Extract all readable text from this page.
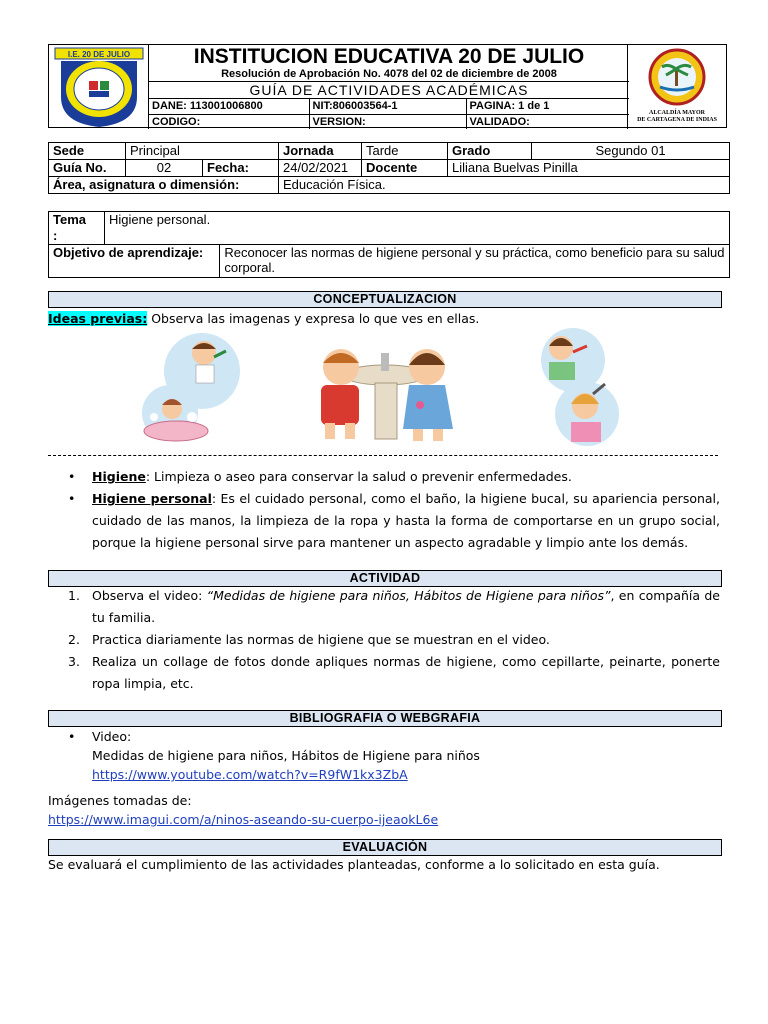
I.E. 20 DE JULIO	INSTITUCION EDUCATIVA 20 DE JULIO
Resolución de Aprobación No. 4078 del 02 de diciembre de 2008
GUÍA DE ACTIVIDADES ACADÉMICAS
DANE: 113001006800	NIT:806003564-1	PAGINA: 1 de 1
CODIGO:	VERSION:	VALIDADO:
ALCALDÍA MAYOR
DE CARTAGENA DE INDIAS
Sede	Principal		Jornada	Tarde	Grado	Segundo 01
Guía No.	02	Fecha:	24/02/2021	Docente	Liliana Buelvas Pinilla	
Área, asignatura o dimensión:			Educación Física.			
Tema
:	Higiene personal.	
Objetivo de aprendizaje:		Reconocer las normas de higiene personal y su práctica, como beneficio para su salud corporal.
CONCEPTUALIZACION
Ideas previas: Observa las imagenas y expresa lo que ves en ellas.
• Higiene: Limpieza o aseo para conservar la salud o prevenir enfermedades.
• Higiene personal: Es el cuidado personal, como el baño, la higiene bucal, su apariencia personal, cuidado de las manos, la limpieza de la ropa y hasta la forma de comportarse en un grupo social, porque la higiene personal sirve para mantener un aspecto agradable y limpio ante los demás.
ACTIVIDAD
1. Observa el video: “Medidas de higiene para niños, Hábitos de Higiene para niños”, en compañía de tu familia.
2. Practica diariamente las normas de higiene que se muestran en el video.
3. Realiza un collage de fotos donde apliques normas de higiene, como cepillarte, peinarte, ponerte ropa limpia, etc.
BIBLIOGRAFIA O WEBGRAFIA
• Video:
Medidas de higiene para niños, Hábitos de Higiene para niños
https://www.youtube.com/watch?v=R9fW1kx3ZbA
Imágenes tomadas de:
https://www.imagui.com/a/ninos-aseando-su-cuerpo-ijeaokL6e
EVALUACIÓN
Se evaluará el cumplimiento de las actividades planteadas, conforme a lo solicitado en esta guía.
